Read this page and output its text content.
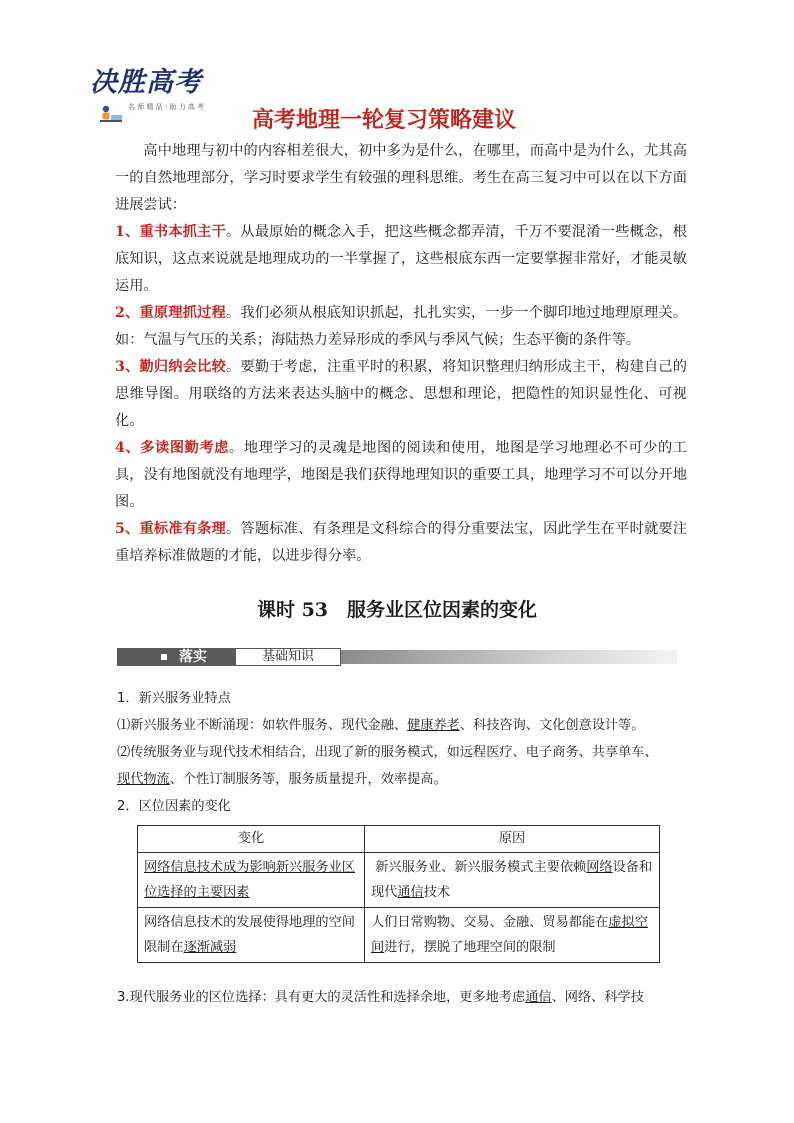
决胜高考
名 师 精 品 · 助 力 高 考
高考地理一轮复习策略建议
高中地理与初中的内容相差很大，初中多为是什么，在哪里，而高中是为什么，尤其高一的自然地理部分，学习时要求学生有较强的理科思维。考生在高三复习中可以在以下方面进展尝试：
1、重书本抓主干。从最原始的概念入手，把这些概念都弄清，千万不要混淆一些概念，根底知识，这点来说就是地理成功的一半掌握了，这些根底东西一定要掌握非常好，才能灵敏运用。
2、重原理抓过程。我们必须从根底知识抓起，扎扎实实，一步一个脚印地过地理原理关。如：气温与气压的关系；海陆热力差异形成的季风与季风气候；生态平衡的条件等。
3、勤归纳会比较。要勤于考虑，注重平时的积累，将知识整理归纳形成主干，构建自己的思维导图。用联络的方法来表达头脑中的概念、思想和理论，把隐性的知识显性化、可视化。
4、多读图勤考虑。地理学习的灵魂是地图的阅读和使用，地图是学习地理必不可少的工具，没有地图就没有地理学，地图是我们获得地理知识的重要工具，地理学习不可以分开地图。
5、重标准有条理。答题标准、有条理是文科综合的得分重要法宝，因此学生在平时就要注重培养标准做题的才能，以进步得分率。
课时 53　服务业区位因素的变化
落实	基础知识
1．新兴服务业特点
⑴新兴服务业不断涌现：如软件服务、现代金融、健康养老、科技咨询、文化创意设计等。
⑵传统服务业与现代技术相结合，出现了新的服务模式，如远程医疗、电子商务、共享单车、
现代物流、个性订制服务等，服务质量提升，效率提高。
2．区位因素的变化
变化	原因
网络信息技术成为影响新兴服务业区位选择的主要因素	新兴服务业、新兴服务模式主要依赖网络设备和现代通信技术
网络信息技术的发展使得地理的空间限制在逐渐减弱	人们日常购物、交易、金融、贸易都能在虚拟空间进行，摆脱了地理空间的限制
3.现代服务业的区位选择：具有更大的灵活性和选择余地，更多地考虑通信、网络、科学技
